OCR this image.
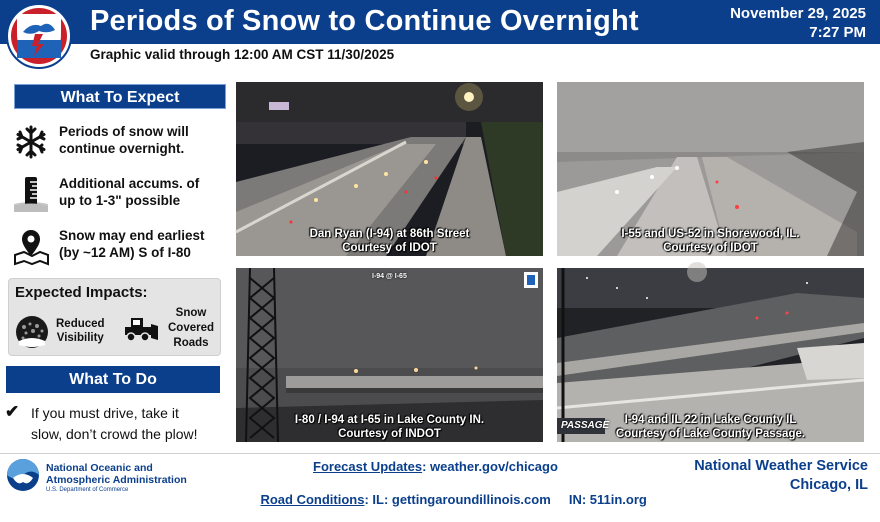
Periods of Snow to Continue Overnight	November 29, 2025
7:27 PM
Graphic valid through 12:00 AM CST 11/30/2025
What To Expect
Periods of snow will
continue overnight.
Additional accums. of
up to 1-3" possible
Snow may end earliest
(by ~12 AM) S of I-80
Expected Impacts:
Reduced
Visibility
Snow
Covered
Roads
What To Do
✔ If you must drive, take it
slow, don’t crowd the plow!
Dan Ryan (I-94) at 86th Street
Courtesy of IDOT
I-55 and US-52 in Shorewood, IL.
Courtesy of IDOT
I-94 @ I-65
I-80 / I-94 at I-65 in Lake County IN.
Courtesy of INDOT
PASSAGE	I-94 and IL 22 in Lake County IL
Courtesy of Lake County Passage.
National Oceanic and
Atmospheric Administration
U.S. Department of Commerce
Forecast Updates: weather.gov/chicago

Road Conditions: IL: gettingaroundillinois.com     IN: 511in.org

National Weather Service
Chicago, IL
